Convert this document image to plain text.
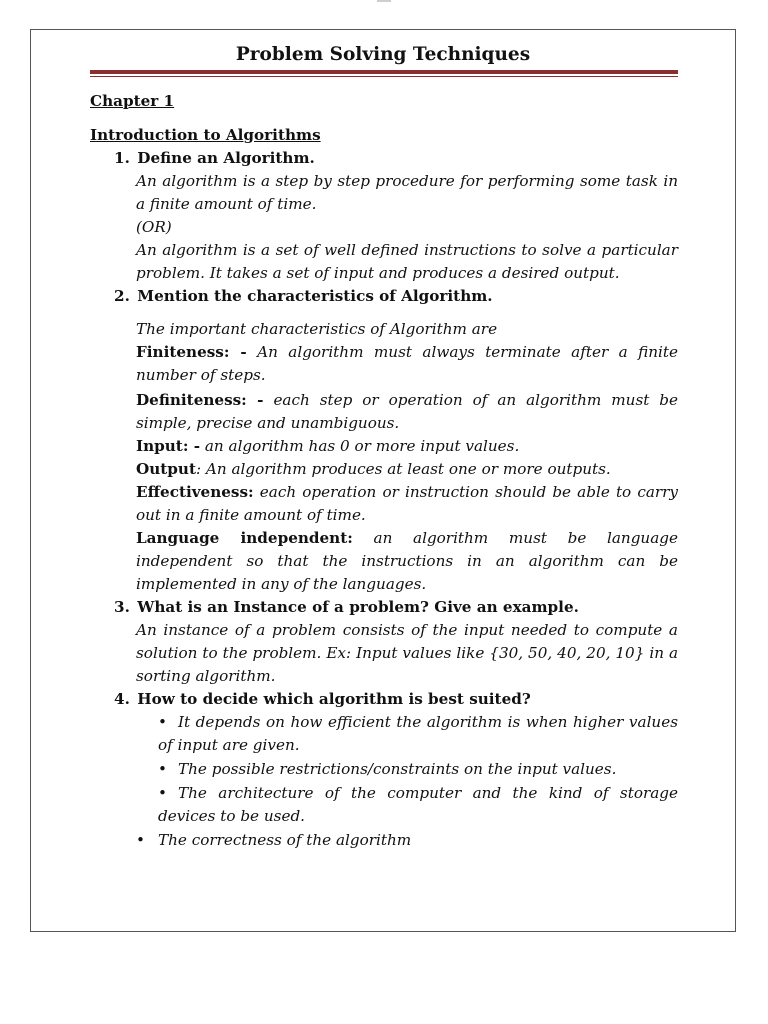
Problem Solving Techniques
Chapter 1
Introduction to Algorithms
1. Define an Algorithm.
An algorithm is a step by step procedure for performing some task in a finite amount of time.
(OR)
An algorithm is a set of well defined instructions to solve a particular problem. It takes a set of input and produces a desired output.
2. Mention the characteristics of Algorithm.
The important characteristics of Algorithm are
Finiteness: - An algorithm must always terminate after a finite number of steps.
Definiteness: - each step or operation of an algorithm must be simple, precise and unambiguous.
Input: - an algorithm has 0 or more input values.
Output: An algorithm produces at least one or more outputs.
Effectiveness: each operation or instruction should be able to carry out in a finite amount of time.
Language independent: an algorithm must be language independent so that the instructions in an algorithm can be implemented in any of the languages.
3. What is an Instance of a problem? Give an example.
An instance of a problem consists of the input needed to compute a solution to the problem. Ex: Input values like {30, 50, 40, 20, 10} in a sorting algorithm.
4. How to decide which algorithm is best suited?
• It depends on how efficient the algorithm is when higher values of input are given.
• The possible restrictions/constraints on the input values.
• The architecture of the computer and the kind of storage devices to be used.
• The correctness of the algorithm
